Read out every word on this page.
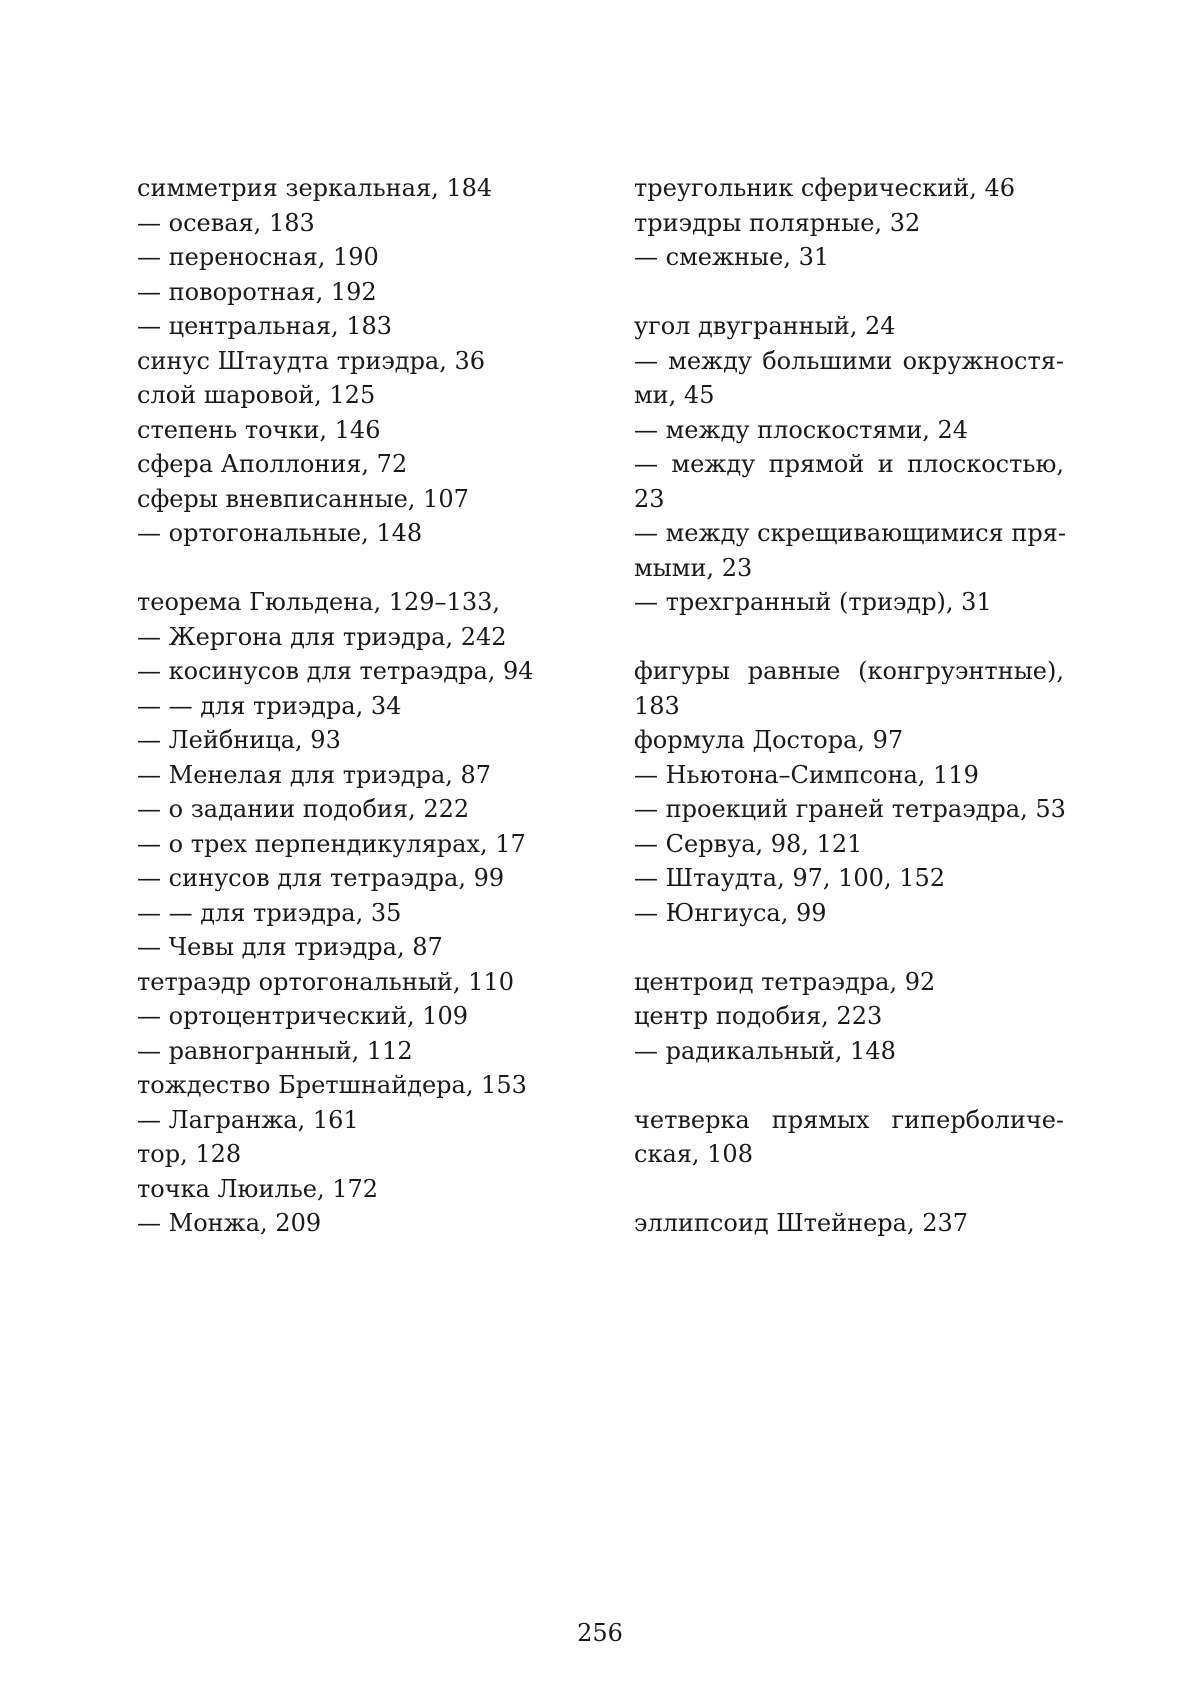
симметрия зеркальная, 184
— осевая, 183
— переносная, 190
— поворотная, 192
— центральная, 183
синус Штаудта триэдра, 36
слой шаровой, 125
степень точки, 146
сфера Аполлония, 72
сферы вневписанные, 107
— ортогональные, 148
теорема Гюльдена, 129–133,
— Жергона для триэдра, 242
— косинусов для тетраэдра, 94
— — для триэдра, 34
— Лейбница, 93
— Менелая для триэдра, 87
— о задании подобия, 222
— о трех перпендикулярах, 17
— синусов для тетраэдра, 99
— — для триэдра, 35
— Чевы для триэдра, 87
тетраэдр ортогональный, 110
— ортоцентрический, 109
— равногранный, 112
тождество Бретшнайдера, 153
— Лагранжа, 161
тор, 128
точка Люилье, 172
— Монжа, 209
треугольник сферический, 46
триэдры полярные, 32
— смежные, 31
угол двугранный, 24
— между большими окружностя-
ми, 45
— между плоскостями, 24
— между прямой и плоскостью,
23
— между скрещивающимися пря-
мыми, 23
— трехгранный (триэдр), 31
фигуры равные (конгруэнтные),
183
формула Достора, 97
— Ньютона–Симпсона, 119
— проекций граней тетраэдра, 53
— Сервуа, 98, 121
— Штаудта, 97, 100, 152
— Юнгиуса, 99
центроид тетраэдра, 92
центр подобия, 223
— радикальный, 148
четверка прямых гиперболиче-
ская, 108
эллипсоид Штейнера, 237
256
